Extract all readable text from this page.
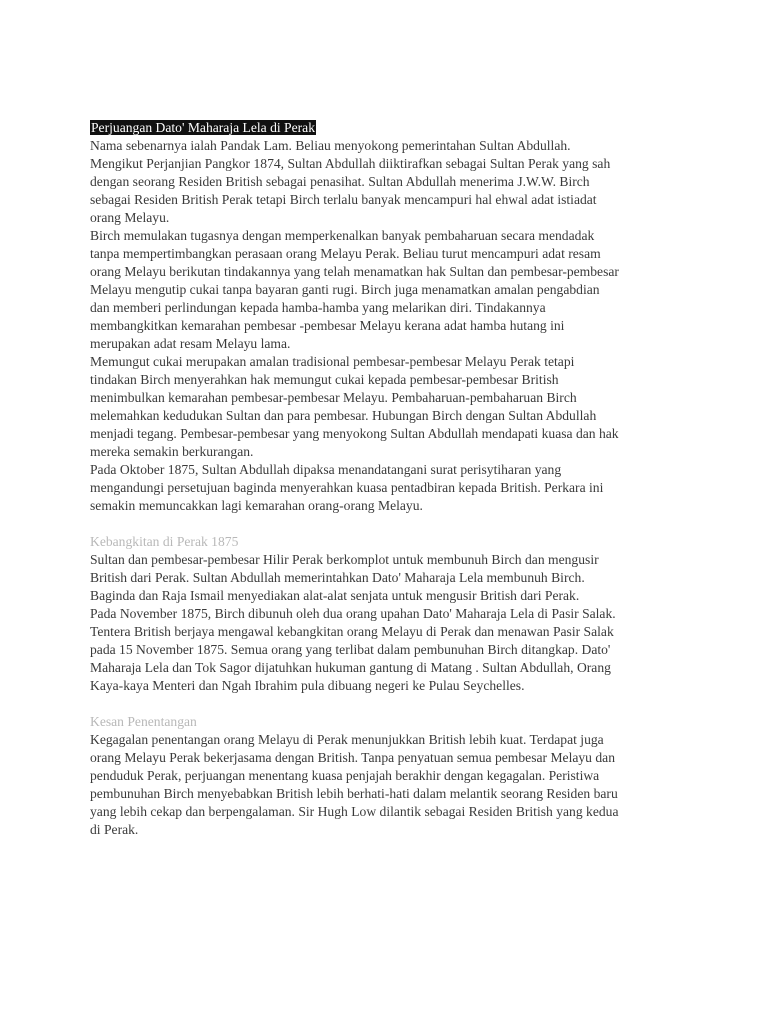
Perjuangan Dato' Maharaja Lela di Perak
Nama sebenarnya ialah Pandak Lam. Beliau menyokong pemerintahan Sultan Abdullah.
Mengikut Perjanjian Pangkor 1874, Sultan Abdullah diiktirafkan sebagai Sultan Perak yang sah
dengan seorang Residen British sebagai penasihat. Sultan Abdullah menerima J.W.W. Birch
sebagai Residen British Perak tetapi Birch terlalu banyak mencampuri hal ehwal adat istiadat
orang Melayu.
Birch memulakan tugasnya dengan memperkenalkan banyak pembaharuan secara mendadak
tanpa mempertimbangkan perasaan orang Melayu Perak. Beliau turut mencampuri adat resam
orang Melayu berikutan tindakannya yang telah menamatkan hak Sultan dan pembesar-pembesar
Melayu mengutip cukai tanpa bayaran ganti rugi. Birch juga menamatkan amalan pengabdian
dan memberi perlindungan kepada hamba-hamba yang melarikan diri. Tindakannya
membangkitkan kemarahan pembesar -pembesar Melayu kerana adat hamba hutang ini
merupakan adat resam Melayu lama.
Memungut cukai merupakan amalan tradisional pembesar-pembesar Melayu Perak tetapi
tindakan Birch menyerahkan hak memungut cukai kepada pembesar-pembesar British
menimbulkan kemarahan pembesar-pembesar Melayu. Pembaharuan-pembaharuan Birch
melemahkan kedudukan Sultan dan para pembesar. Hubungan Birch dengan Sultan Abdullah
menjadi tegang. Pembesar-pembesar yang menyokong Sultan Abdullah mendapati kuasa dan hak
mereka semakin berkurangan.
Pada Oktober 1875, Sultan Abdullah dipaksa menandatangani surat perisytiharan yang
mengandungi persetujuan baginda menyerahkan kuasa pentadbiran kepada British. Perkara ini
semakin memuncakkan lagi kemarahan orang-orang Melayu.
Kebangkitan di Perak 1875
Sultan dan pembesar-pembesar Hilir Perak berkomplot untuk membunuh Birch dan mengusir
British dari Perak. Sultan Abdullah memerintahkan Dato' Maharaja Lela membunuh Birch.
Baginda dan Raja Ismail menyediakan alat-alat senjata untuk mengusir British dari Perak.
Pada November 1875, Birch dibunuh oleh dua orang upahan Dato' Maharaja Lela di Pasir Salak.
Tentera British berjaya mengawal kebangkitan orang Melayu di Perak dan menawan Pasir Salak
pada 15 November 1875. Semua orang yang terlibat dalam pembunuhan Birch ditangkap. Dato'
Maharaja Lela dan Tok Sagor dijatuhkan hukuman gantung di Matang . Sultan Abdullah, Orang
Kaya-kaya Menteri dan Ngah Ibrahim pula dibuang negeri ke Pulau Seychelles.
Kesan Penentangan
Kegagalan penentangan orang Melayu di Perak menunjukkan British lebih kuat. Terdapat juga
orang Melayu Perak bekerjasama dengan British. Tanpa penyatuan semua pembesar Melayu dan
penduduk Perak, perjuangan menentang kuasa penjajah berakhir dengan kegagalan. Peristiwa
pembunuhan Birch menyebabkan British lebih berhati-hati dalam melantik seorang Residen baru
yang lebih cekap dan berpengalaman. Sir Hugh Low dilantik sebagai Residen British yang kedua
di Perak.
